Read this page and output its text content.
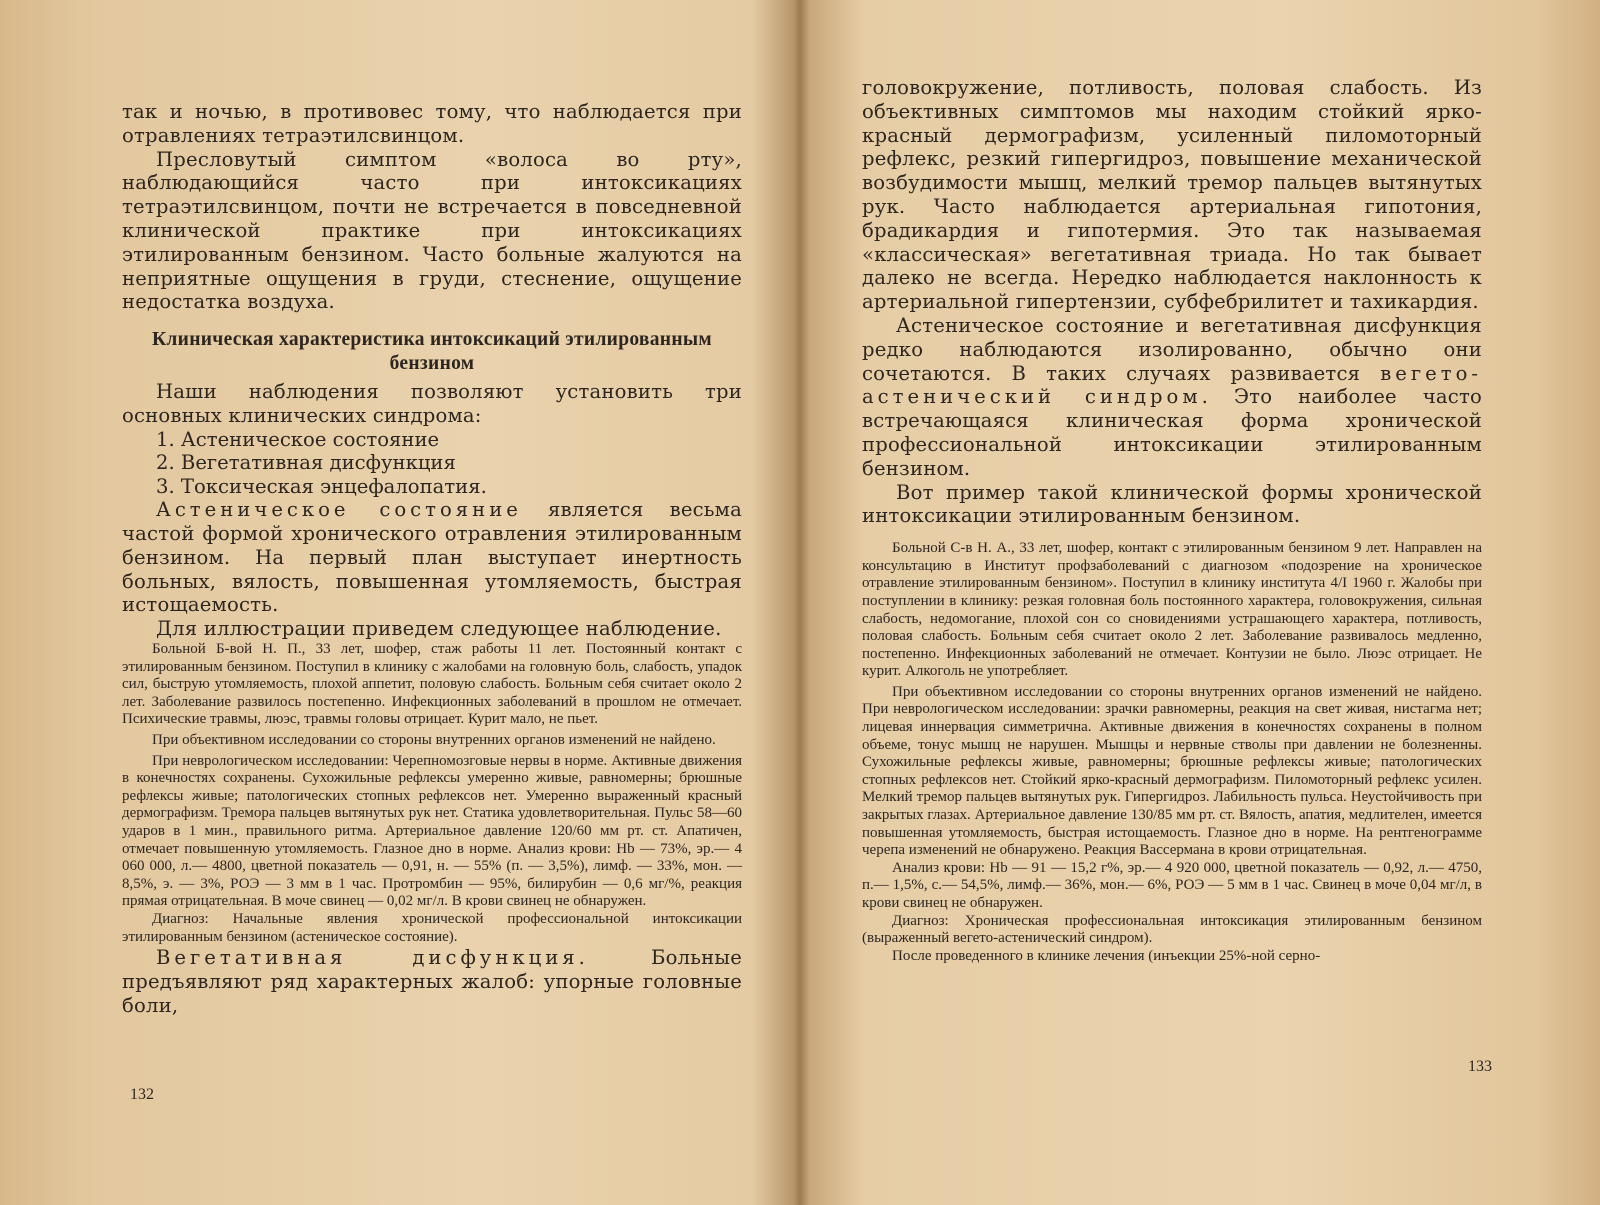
так и ночью, в противовес тому, что наблюдается при отравлениях тетраэтилсвинцом.

Пресловутый симптом «волоса во рту», наблюдающийся часто при интоксикациях тетраэтилсвинцом, почти не встречается в повседневной клинической практике при интоксикациях этилированным бензином. Часто больные жалуются на неприятные ощущения в груди, стеснение, ощущение недостатка воздуха.

Клиническая характеристика интоксикаций этилированным бензином

Наши наблюдения позволяют установить три основных клинических синдрома:

1. Астеническое состояние

2. Вегетативная дисфункция

3. Токсическая энцефалопатия.

Астеническое состояние является весьма частой формой хронического отравления этилированным бензином. На первый план выступает инертность больных, вялость, повышенная утомляемость, быстрая истощаемость.

Для иллюстрации приведем следующее наблюдение.

Больной Б-вой Н. П., 33 лет, шофер, стаж работы 11 лет. Постоянный контакт с этилированным бензином. Поступил в клинику с жалобами на головную боль, слабость, упадок сил, быструю утомляемость, плохой аппетит, половую слабость. Больным себя считает около 2 лет. Заболевание развилось постепенно. Инфекционных заболеваний в прошлом не отмечает. Психические травмы, люэс, травмы головы отрицает. Курит мало, не пьет.

При объективном исследовании со стороны внутренних органов изменений не найдено.

При неврологическом исследовании: Черепномозговые нервы в норме. Активные движения в конечностях сохранены. Сухожильные рефлексы умеренно живые, равномерны; брюшные рефлексы живые; патологических стопных рефлексов нет. Умеренно выраженный красный дермографизм. Тремора пальцев вытянутых рук нет. Статика удовлетворительная. Пульс 58—60 ударов в 1 мин., правильного ритма. Артериальное давление 120/60 мм рт. ст. Апатичен, отмечает повышенную утомляемость. Глазное дно в норме. Анализ крови: Hb — 73%, эр.— 4 060 000, л.— 4800, цветной показатель — 0,91, н. — 55% (п. — 3,5%), лимф. — 33%, мон. — 8,5%, э. — 3%, РОЭ — 3 мм в 1 час. Протромбин — 95%, билирубин — 0,6 мг/%, реакция прямая отрицательная. В моче свинец — 0,02 мг/л. В крови свинец не обнаружен.

Диагноз: Начальные явления хронической профессиональной интоксикации этилированным бензином (астеническое состояние).

Вегетативная дисфункция. Больные предъявляют ряд характерных жалоб: упорные головные боли,

132

головокружение, потливость, половая слабость. Из объективных симптомов мы находим стойкий ярко-красный дермографизм, усиленный пиломоторный рефлекс, резкий гипергидроз, повышение механической возбудимости мышц, мелкий тремор пальцев вытянутых рук. Часто наблюдается артериальная гипотония, брадикардия и гипотермия. Это так называемая «классическая» вегетативная триада. Но так бывает далеко не всегда. Нередко наблюдается наклонность к артериальной гипертензии, субфебрилитет и тахикардия.

Астеническое состояние и вегетативная дисфункция редко наблюдаются изолированно, обычно они сочетаются. В таких случаях развивается вегето-астенический синдром. Это наиболее часто встречающаяся клиническая форма хронической профессиональной интоксикации этилированным бензином.

Вот пример такой клинической формы хронической интоксикации этилированным бензином.

Больной С-в Н. А., 33 лет, шофер, контакт с этилированным бензином 9 лет. Направлен на консультацию в Институт профзаболеваний с диагнозом «подозрение на хроническое отравление этилированным бензином». Поступил в клинику института 4/I 1960 г. Жалобы при поступлении в клинику: резкая головная боль постоянного характера, головокружения, сильная слабость, недомогание, плохой сон со сновидениями устрашающего характера, потливость, половая слабость. Больным себя считает около 2 лет. Заболевание развивалось медленно, постепенно. Инфекционных заболеваний не отмечает. Контузии не было. Люэс отрицает. Не курит. Алкоголь не употребляет.

При объективном исследовании со стороны внутренних органов изменений не найдено. При неврологическом исследовании: зрачки равномерны, реакция на свет живая, нистагма нет; лицевая иннервация симметрична. Активные движения в конечностях сохранены в полном объеме, тонус мышц не нарушен. Мышцы и нервные стволы при давлении не болезненны. Сухожильные рефлексы живые, равномерны; брюшные рефлексы живые; патологических стопных рефлексов нет. Стойкий ярко-красный дермографизм. Пиломоторный рефлекс усилен. Мелкий тремор пальцев вытянутых рук. Гипергидроз. Лабильность пульса. Неустойчивость при закрытых глазах. Артериальное давление 130/85 мм рт. ст. Вялость, апатия, медлителен, имеется повышенная утомляемость, быстрая истощаемость. Глазное дно в норме. На рентгенограмме черепа изменений не обнаружено. Реакция Вассермана в крови отрицательная.

Анализ крови: Hb — 91 — 15,2 г%, эр.— 4 920 000, цветной показатель — 0,92, л.— 4750, п.— 1,5%, с.— 54,5%, лимф.— 36%, мон.— 6%, РОЭ — 5 мм в 1 час. Свинец в моче 0,04 мг/л, в крови свинец не обнаружен.

Диагноз: Хроническая профессиональная интоксикация этилированным бензином (выраженный вегето-астенический синдром).

После проведенного в клинике лечения (инъекции 25%-ной серно-

133
